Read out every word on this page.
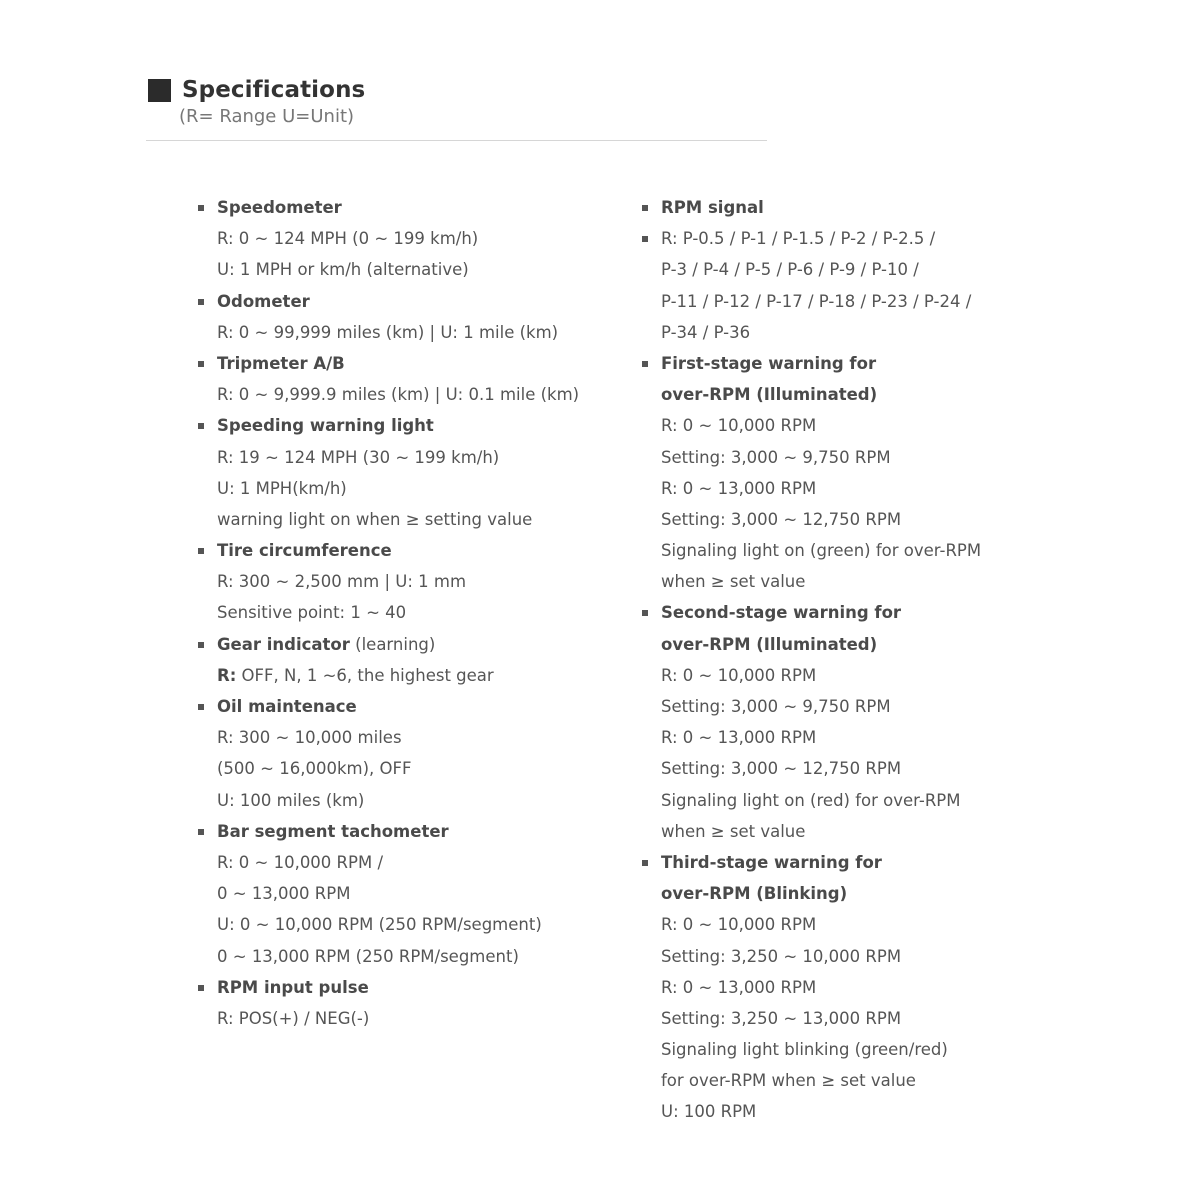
Specifications
(R= Range U=Unit)
Speedometer
R: 0 ~ 124 MPH (0 ~ 199 km/h)
U: 1 MPH or km/h (alternative)
Odometer
R: 0 ~ 99,999 miles (km) | U: 1 mile (km)
Tripmeter A/B
R: 0 ~ 9,999.9 miles (km) | U: 0.1 mile (km)
Speeding warning light
R: 19 ~ 124 MPH (30 ~ 199 km/h)
U: 1 MPH(km/h)
warning light on when ≥ setting value
Tire circumference
R: 300 ~ 2,500 mm | U: 1 mm
Sensitive point: 1 ~ 40
Gear indicator (learning)
R: OFF, N, 1 ~6, the highest gear
Oil maintenace
R: 300 ~ 10,000 miles
(500 ~ 16,000km), OFF
U: 100 miles (km)
Bar segment tachometer
R: 0 ~ 10,000 RPM /
0 ~ 13,000 RPM
U: 0 ~ 10,000 RPM (250 RPM/segment)
0 ~ 13,000 RPM (250 RPM/segment)
RPM input pulse
R: POS(+) / NEG(-)
RPM signal
R: P-0.5 / P-1 / P-1.5 / P-2 / P-2.5 /
P-3 / P-4 / P-5 / P-6 / P-9 / P-10 /
P-11 / P-12 / P-17 / P-18 / P-23 / P-24 /
P-34 / P-36
First-stage warning for
over-RPM (Illuminated)
R: 0 ~ 10,000 RPM
Setting: 3,000 ~ 9,750 RPM
R: 0 ~ 13,000 RPM
Setting: 3,000 ~ 12,750 RPM
Signaling light on (green) for over-RPM
when ≥ set value
Second-stage warning for
over-RPM (Illuminated)
R: 0 ~ 10,000 RPM
Setting: 3,000 ~ 9,750 RPM
R: 0 ~ 13,000 RPM
Setting: 3,000 ~ 12,750 RPM
Signaling light on (red) for over-RPM
when ≥ set value
Third-stage warning for
over-RPM (Blinking)
R: 0 ~ 10,000 RPM
Setting: 3,250 ~ 10,000 RPM
R: 0 ~ 13,000 RPM
Setting: 3,250 ~ 13,000 RPM
Signaling light blinking (green/red)
for over-RPM when ≥ set value
U: 100 RPM
